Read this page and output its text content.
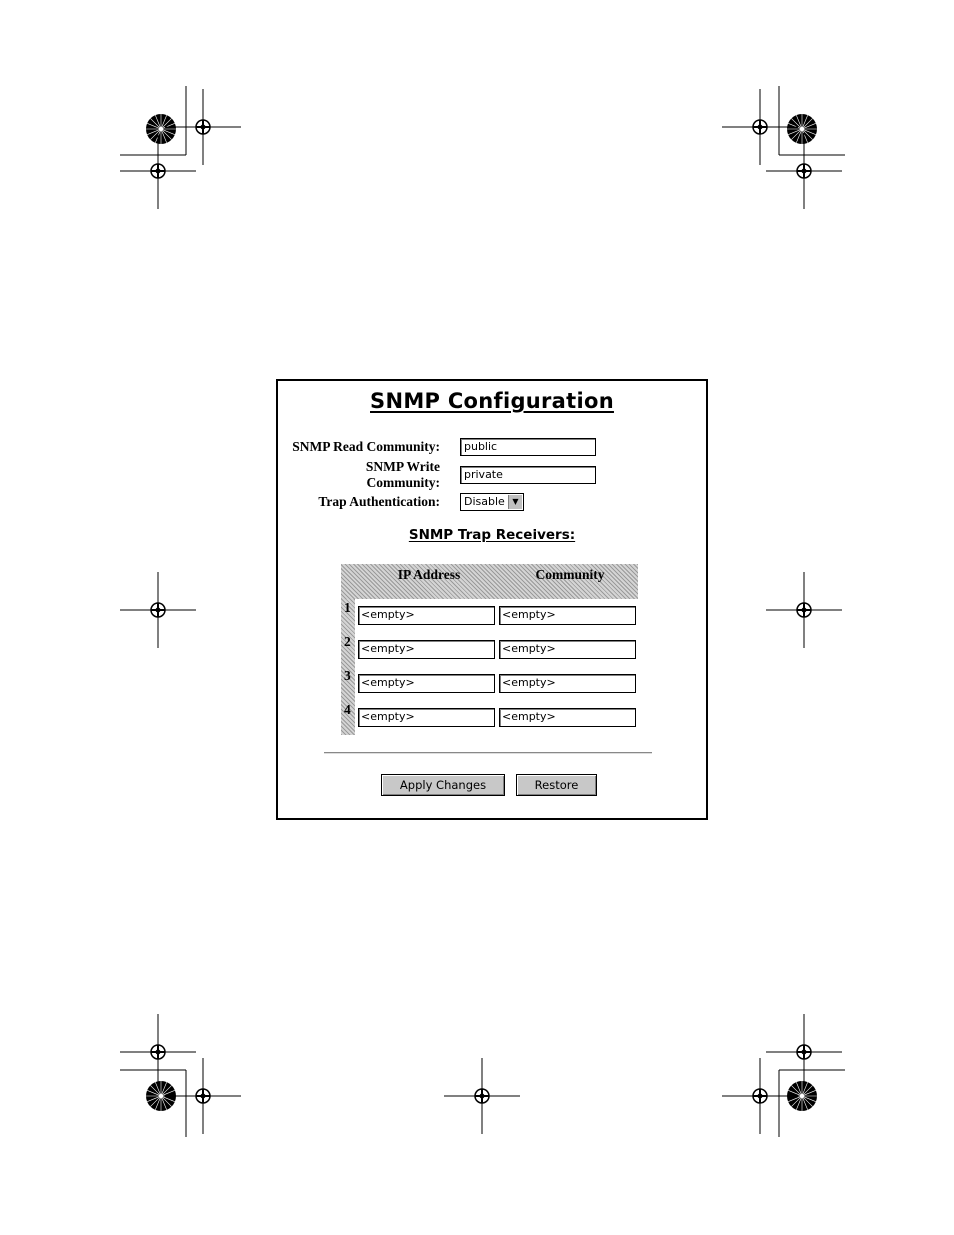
SNMP Configuration
SNMP Read Community:	public
SNMP Write
Community:
private
Trap Authentication:	Disable ▼
SNMP Trap Receivers:
IP Address	Community
1 <empty>	<empty>
2 <empty>	<empty>
3 <empty>	<empty>
4 <empty>	<empty>
Apply Changes	Restore
